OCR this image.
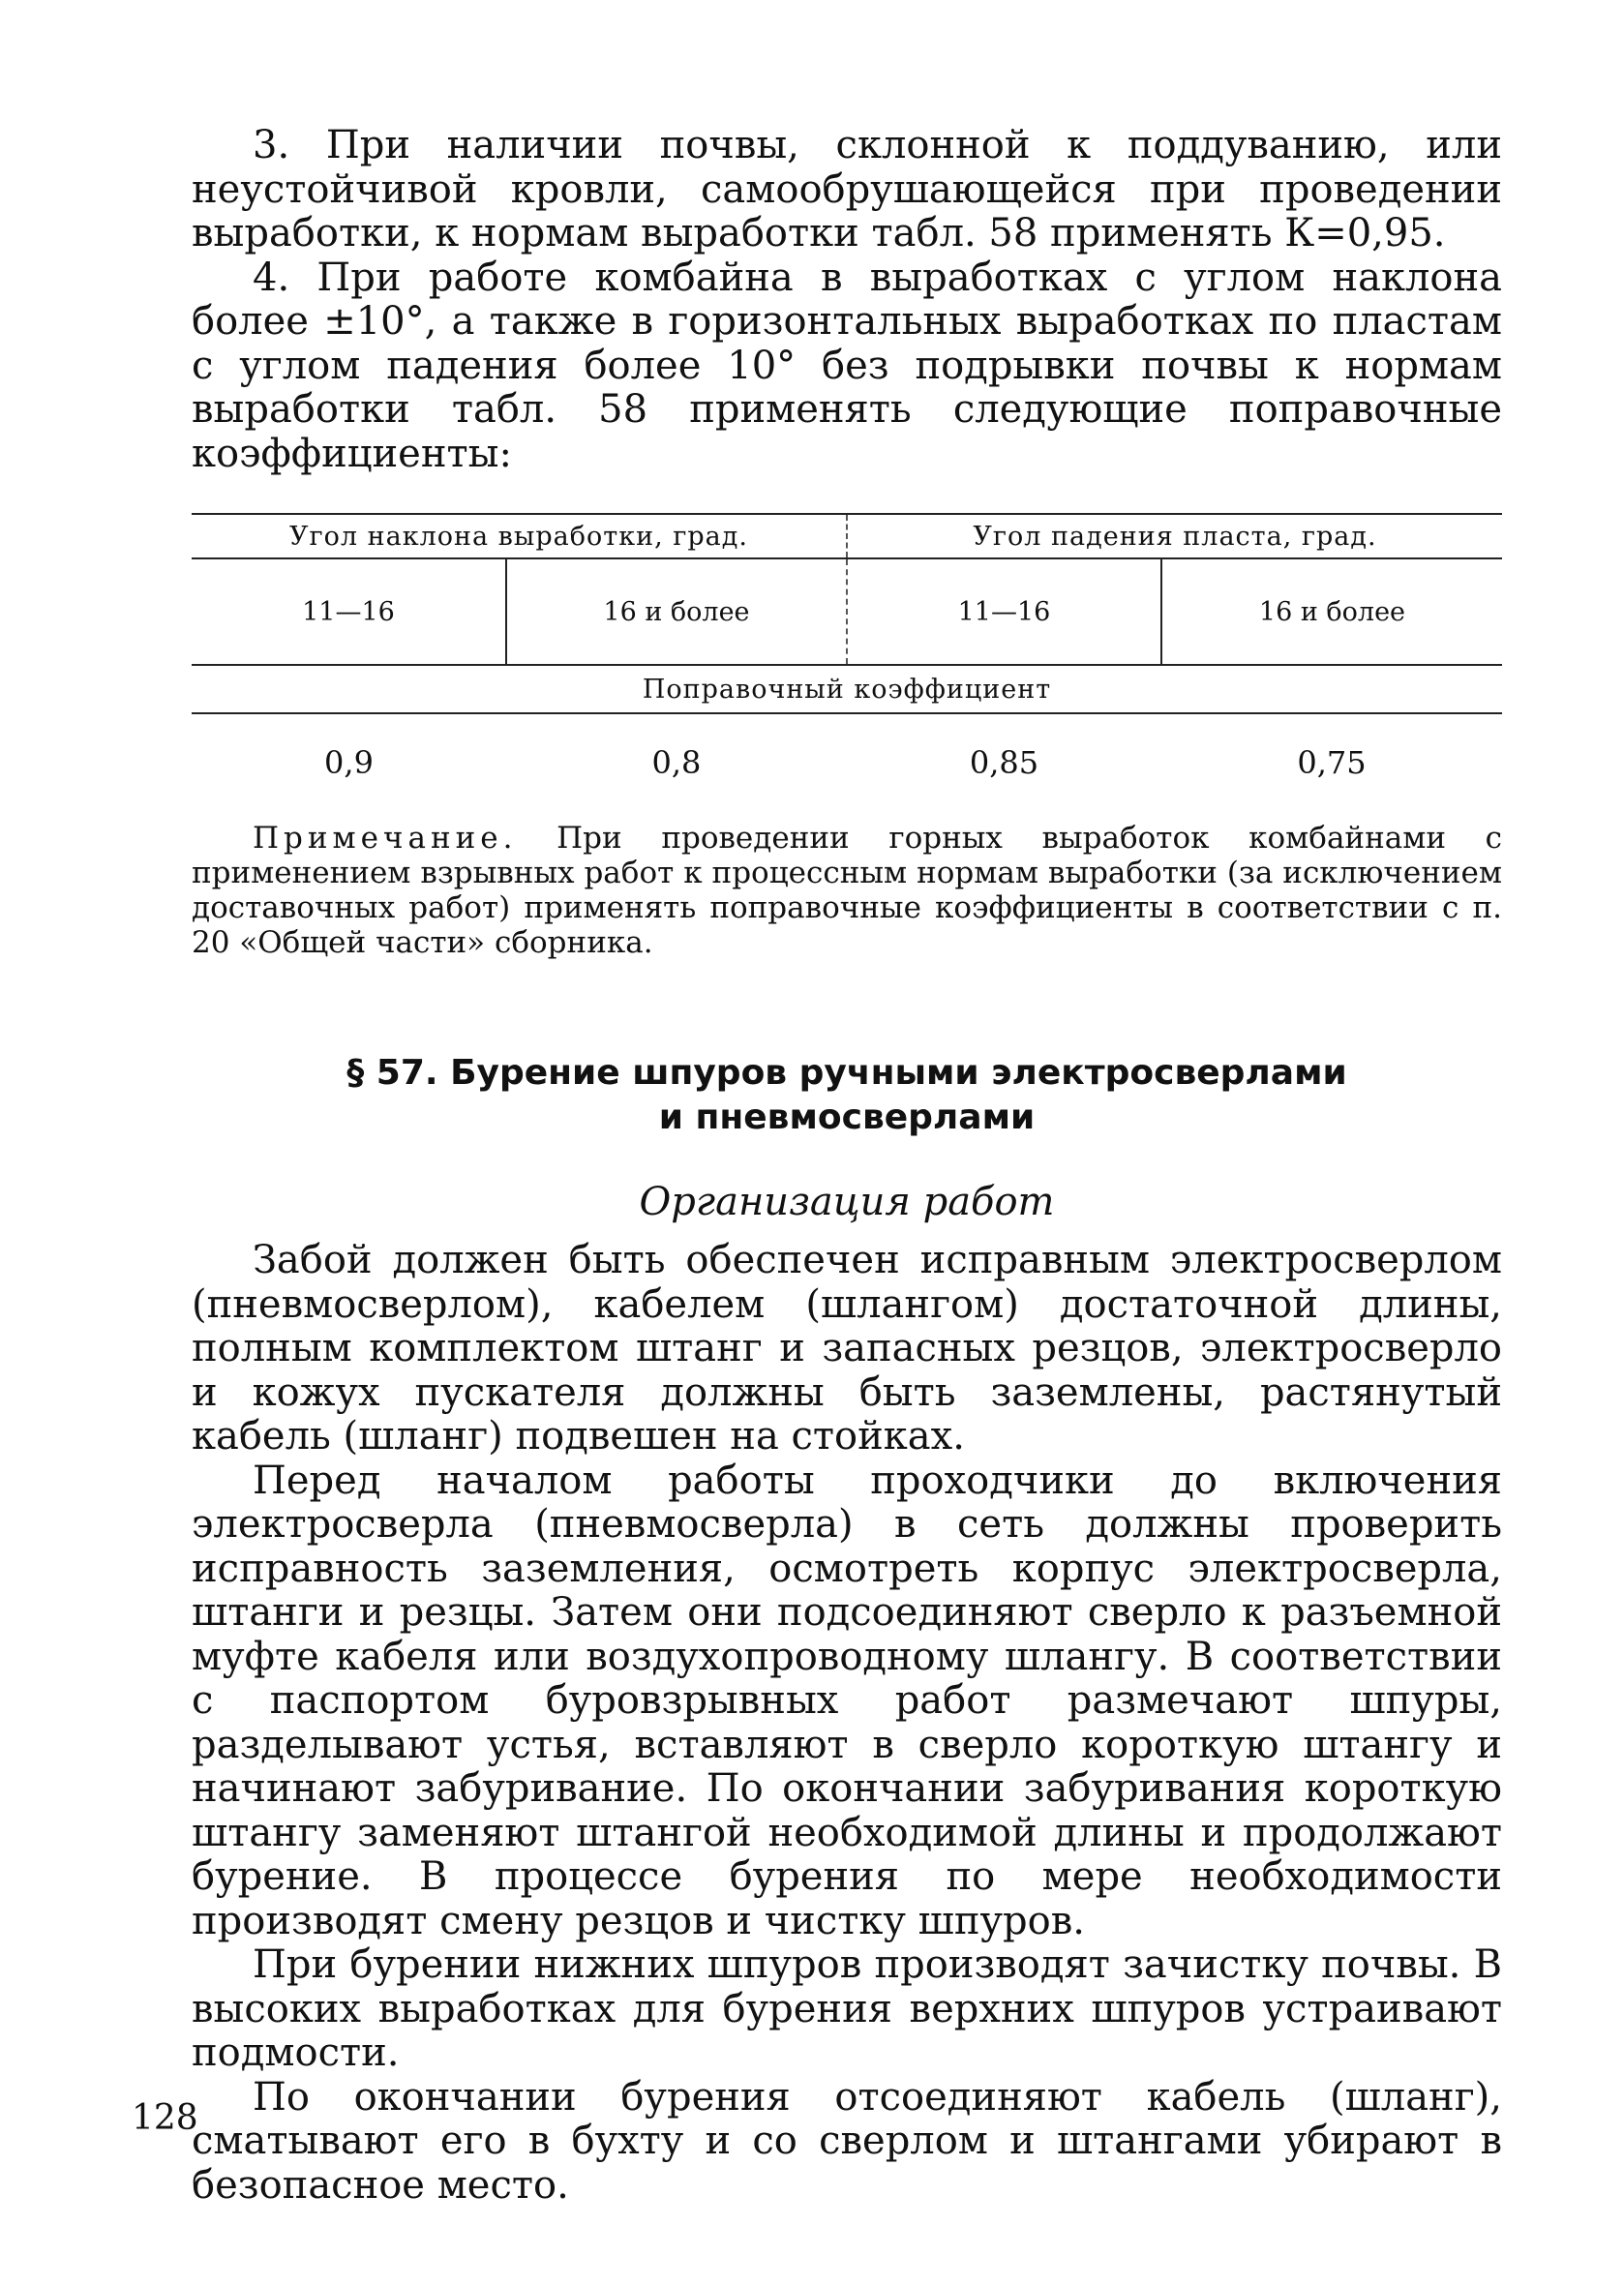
3. При наличии почвы, склонной к поддуванию, или неустойчивой кровли, самообрушающейся при проведении выработки, к нормам выработки табл. 58 применять К=0,95.

4. При работе комбайна в выработках с углом наклона более ±10°, а также в горизонтальных выработках по пластам с углом падения более 10° без подрывки почвы к нормам выработки табл. 58 применять следующие поправочные коэффициенты:

Угол наклона выработки, град.		Угол падения пласта, град.	
11—16	16 и более	11—16	16 и более
Поправочный коэффициент			
0,9	0,8	0,85	0,75

Примечание. При проведении горных выработок комбайнами с применением взрывных работ к процессным нормам выработки (за исключением доставочных работ) применять поправочные коэффициенты в соответствии с п. 20 «Общей части» сборника.

§ 57. Бурение шпуров ручными электросверлами
и пневмосверлами
Организация работ

Забой должен быть обеспечен исправным электросверлом (пневмосверлом), кабелем (шлангом) достаточной длины, полным комплектом штанг и запасных резцов, электросверло и кожух пускателя должны быть заземлены, растянутый кабель (шланг) подвешен на стойках.

Перед началом работы проходчики до включения электросверла (пневмосверла) в сеть должны проверить исправность заземления, осмотреть корпус электросверла, штанги и резцы. Затем они подсоединяют сверло к разъемной муфте кабеля или воздухопроводному шлангу. В соответствии с паспортом буровзрывных работ размечают шпуры, разделывают устья, вставляют в сверло короткую штангу и начинают забуривание. По окончании забуривания короткую штангу заменяют штангой необходимой длины и продолжают бурение. В процессе бурения по мере необходимости производят смену резцов и чистку шпуров.

При бурении нижних шпуров производят зачистку почвы. В высоких выработках для бурения верхних шпуров устраивают подмости.

По окончании бурения отсоединяют кабель (шланг), сматывают его в бухту и со сверлом и штангами убирают в безопасное место.

128
